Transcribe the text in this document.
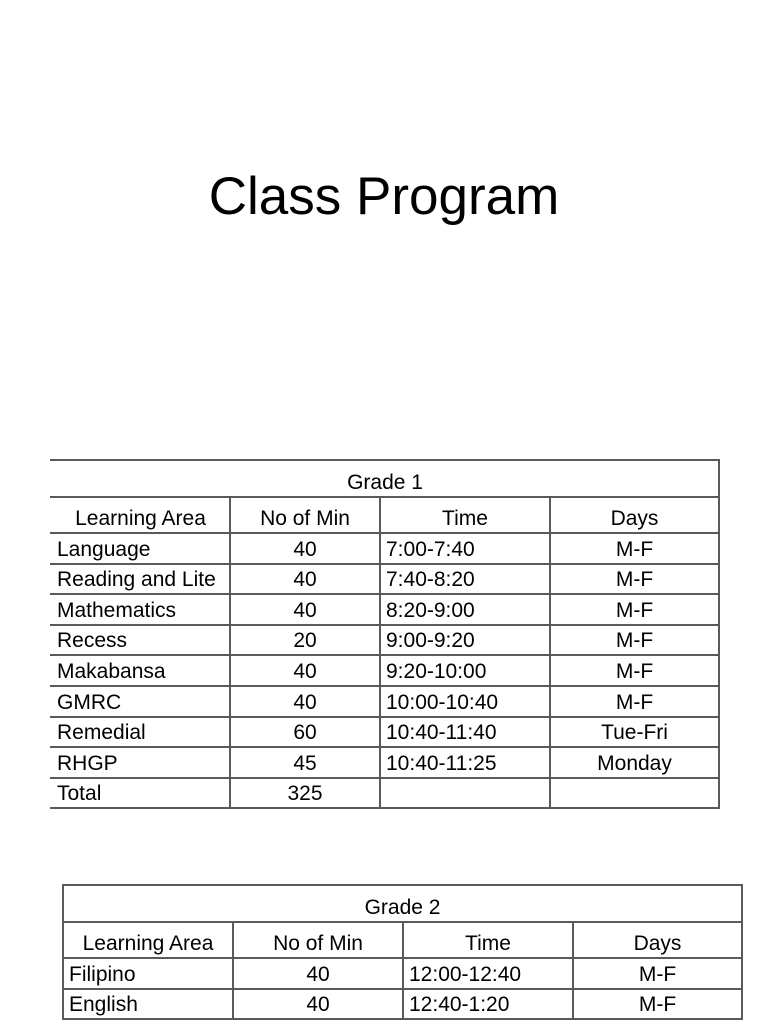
Class Program
Grade 1			
Learning Area	No of Min	Time	Days
Language	40	7:00-7:40	M-F
Reading and Lite	40	7:40-8:20	M-F
Mathematics	40	8:20-9:00	M-F
Recess	20	9:00-9:20	M-F
Makabansa	40	9:20-10:00	M-F
GMRC	40	10:00-10:40	M-F
Remedial	60	10:40-11:40	Tue-Fri
RHGP	45	10:40-11:25	Monday
Total	325		
Grade 2			
Learning Area	No of Min	Time	Days
Filipino	40	12:00-12:40	M-F
English	40	12:40-1:20	M-F
